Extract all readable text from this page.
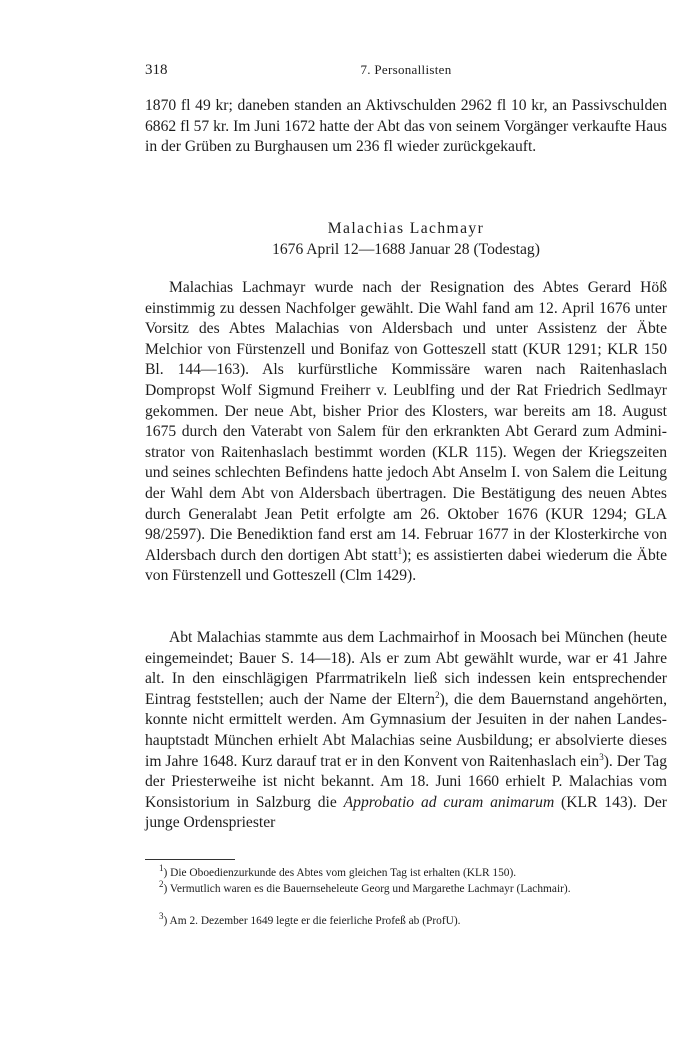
318	7. Personallisten

1870 fl 49 kr; daneben standen an Aktivschulden 2962 fl 10 kr, an Passivschulden 6862 fl 57 kr. Im Juni 1672 hatte der Abt das von seinem Vorgänger verkaufte Haus in der Grüben zu Burghausen um 236 fl wieder zurückgekauft.

Malachias Lachmayr
1676 April 12—1688 Januar 28 (Todestag)

Malachias Lachmayr wurde nach der Resignation des Abtes Gerard Höß einstimmig zu dessen Nachfolger gewählt. Die Wahl fand am 12. April 1676 unter Vorsitz des Abtes Malachias von Aldersbach und unter Assistenz der Äbte Melchior von Fürstenzell und Bonifaz von Gotteszell statt (KUR 1291; KLR 150 Bl. 144—163). Als kurfürstliche Kommissäre waren nach Raitenhaslach Dompropst Wolf Sigmund Freiherr v. Leublfing und der Rat Friedrich Sedlmayr gekommen. Der neue Abt, bisher Prior des Klosters, war bereits am 18. August 1675 durch den Vaterabt von Salem für den erkrankten Abt Gerard zum Administrator von Raitenhaslach bestimmt worden (KLR 115). Wegen der Kriegszeiten und seines schlechten Befindens hatte jedoch Abt Anselm I. von Salem die Leitung der Wahl dem Abt von Aldersbach übertragen. Die Bestätigung des neuen Abtes durch Generalabt Jean Petit erfolgte am 26. Oktober 1676 (KUR 1294; GLA 98/2597). Die Benediktion fand erst am 14. Februar 1677 in der Klosterkirche von Aldersbach durch den dortigen Abt statt$^1$); es assistierten dabei wiederum die Äbte von Fürstenzell und Gotteszell (Clm 1429).

Abt Malachias stammte aus dem Lachmairhof in Moosach bei München (heute eingemeindet; Bauer S. 14—18). Als er zum Abt gewählt wurde, war er 41 Jahre alt. In den einschlägigen Pfarrmatrikeln ließ sich indessen kein entsprechender Eintrag feststellen; auch der Name der Eltern$^2$), die dem Bauernstand angehörten, konnte nicht ermittelt werden. Am Gymnasium der Jesuiten in der nahen Landeshauptstadt München erhielt Abt Malachias seine Ausbildung; er absolvierte dieses im Jahre 1648. Kurz darauf trat er in den Konvent von Raitenhaslach ein$^3$). Der Tag der Priesterweihe ist nicht bekannt. Am 18. Juni 1660 erhielt P. Malachias vom Konsistorium in Salzburg die Approbatio ad curam animarum (KLR 143). Der junge Ordenspriester

$^1$) Die Oboedienzurkunde des Abtes vom gleichen Tag ist erhalten (KLR 150).

$^2$) Vermutlich waren es die Bauernseheleute Georg und Margarethe Lachmayr (Lachmair).

$^3$) Am 2. Dezember 1649 legte er die feierliche Profeß ab (ProfU).
